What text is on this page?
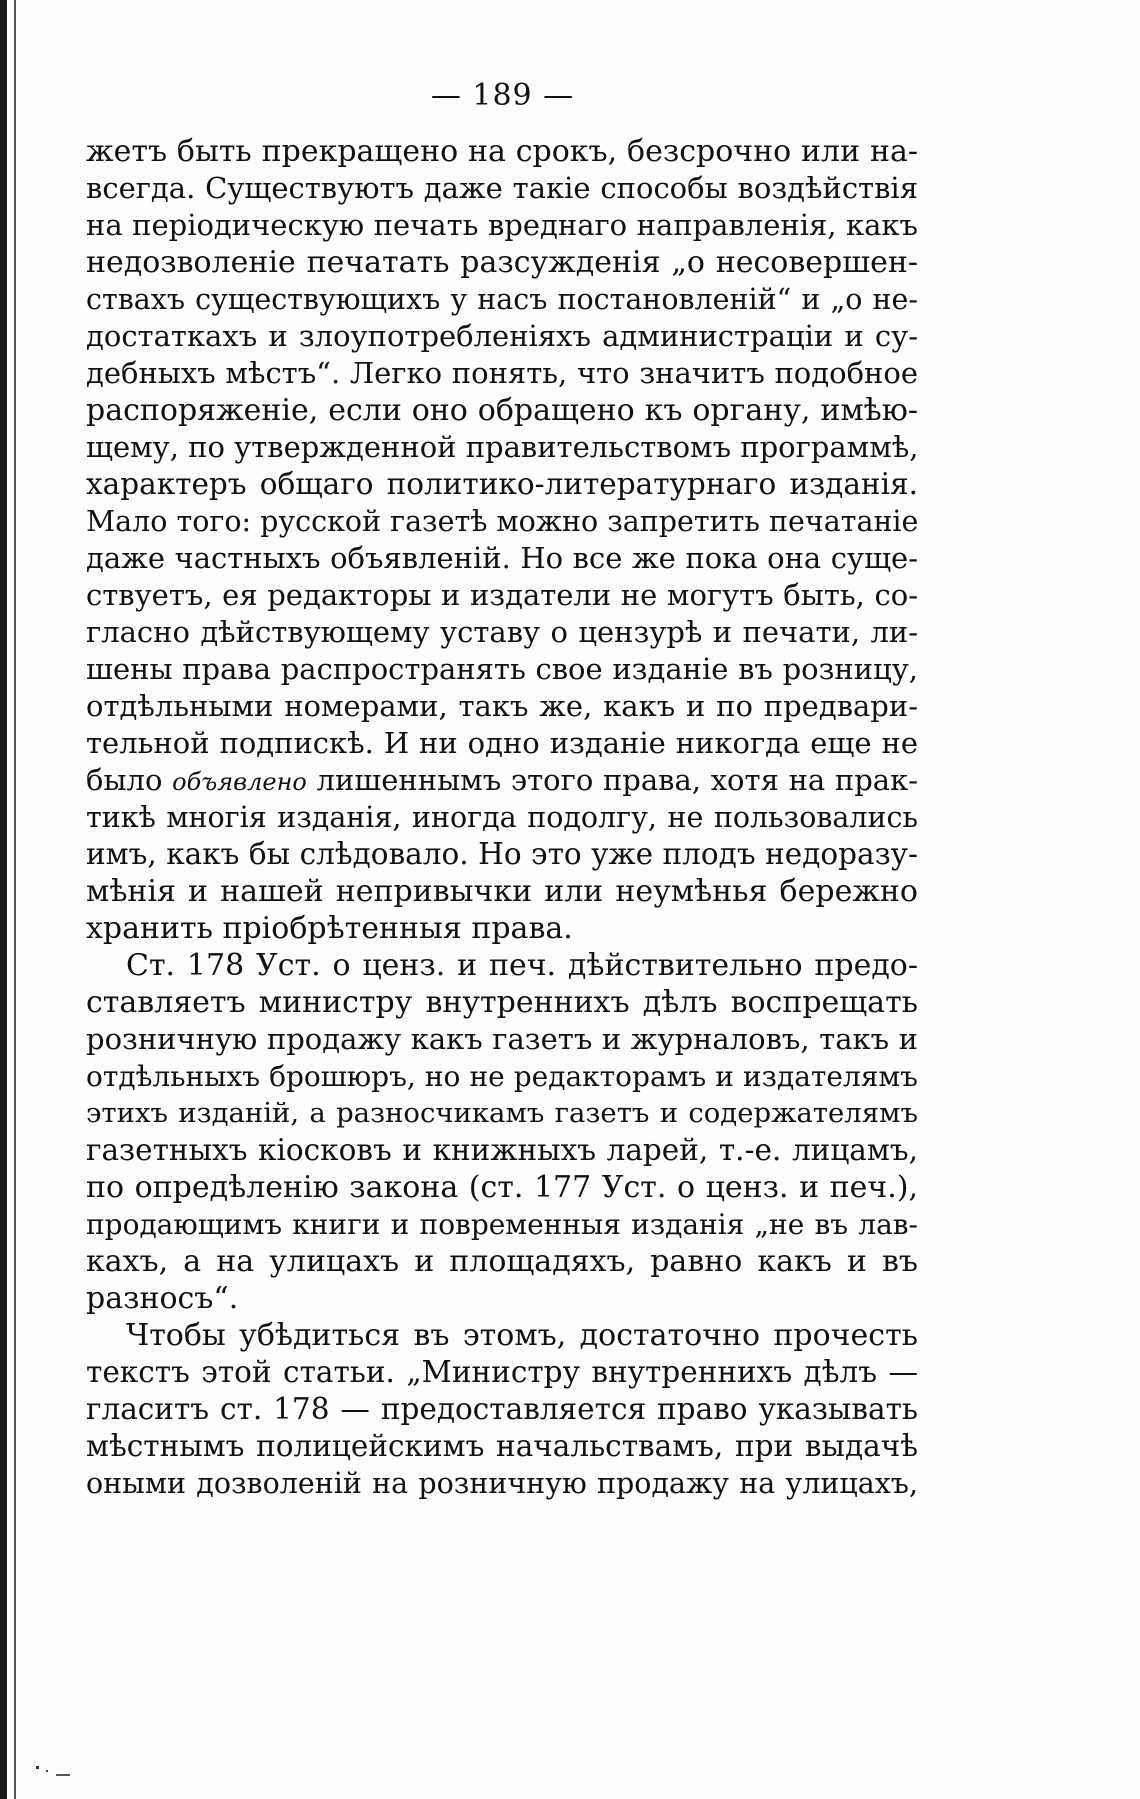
— 189 —
жетъ быть прекращено на срокъ, безсрочно или на-
всегда. Существуютъ даже такіе способы воздѣйствія
на періодическую печать вреднаго направленія, какъ
недозволеніе печатать разсужденія „о несовершен-
ствахъ существующихъ у насъ постановленій“ и „о не-
достаткахъ и злоупотребленіяхъ администраціи и су-
дебныхъ мѣстъ“. Легко понять, что значитъ подобное
распоряженіе, если оно обращено къ органу, имѣю-
щему, по утвержденной правительствомъ программѣ,
характеръ общаго политико-литературнаго изданія.
Мало того: русской газетѣ можно запретить печатаніе
даже частныхъ объявленій. Но все же пока она суще-
ствуетъ, ея редакторы и издатели не могутъ быть, со-
гласно дѣйствующему уставу о цензурѣ и печати, ли-
шены права распространять свое изданіе въ розницу,
отдѣльными номерами, такъ же, какъ и по предвари-
тельной подпискѣ. И ни одно изданіе никогда еще не
было объявлено лишеннымъ этого права, хотя на прак-
тикѣ многія изданія, иногда подолгу, не пользовались
имъ, какъ бы слѣдовало. Но это уже плодъ недоразу-
мѣнія и нашей непривычки или неумѣнья бережно
хранить пріобрѣтенныя права.
Ст. 178 Уст. о ценз. и печ. дѣйствительно предо-
ставляетъ министру внутреннихъ дѣлъ воспрещать
розничную продажу какъ газетъ и журналовъ, такъ и
отдѣльныхъ брошюръ, но не редакторамъ и издателямъ
этихъ изданій, а разносчикамъ газетъ и содержателямъ
газетныхъ кіосковъ и книжныхъ ларей, т.-е. лицамъ,
по опредѣленію закона (ст. 177 Уст. о ценз. и печ.),
продающимъ книги и повременныя изданія „не въ лав-
кахъ, а на улицахъ и площадяхъ, равно какъ и въ
разносъ“.
Чтобы убѣдиться въ этомъ, достаточно прочесть
текстъ этой статьи. „Министру внутреннихъ дѣлъ —
гласитъ ст. 178 — предоставляется право указывать
мѣстнымъ полицейскимъ начальствамъ, при выдачѣ
оными дозволеній на розничную продажу на улицахъ,
